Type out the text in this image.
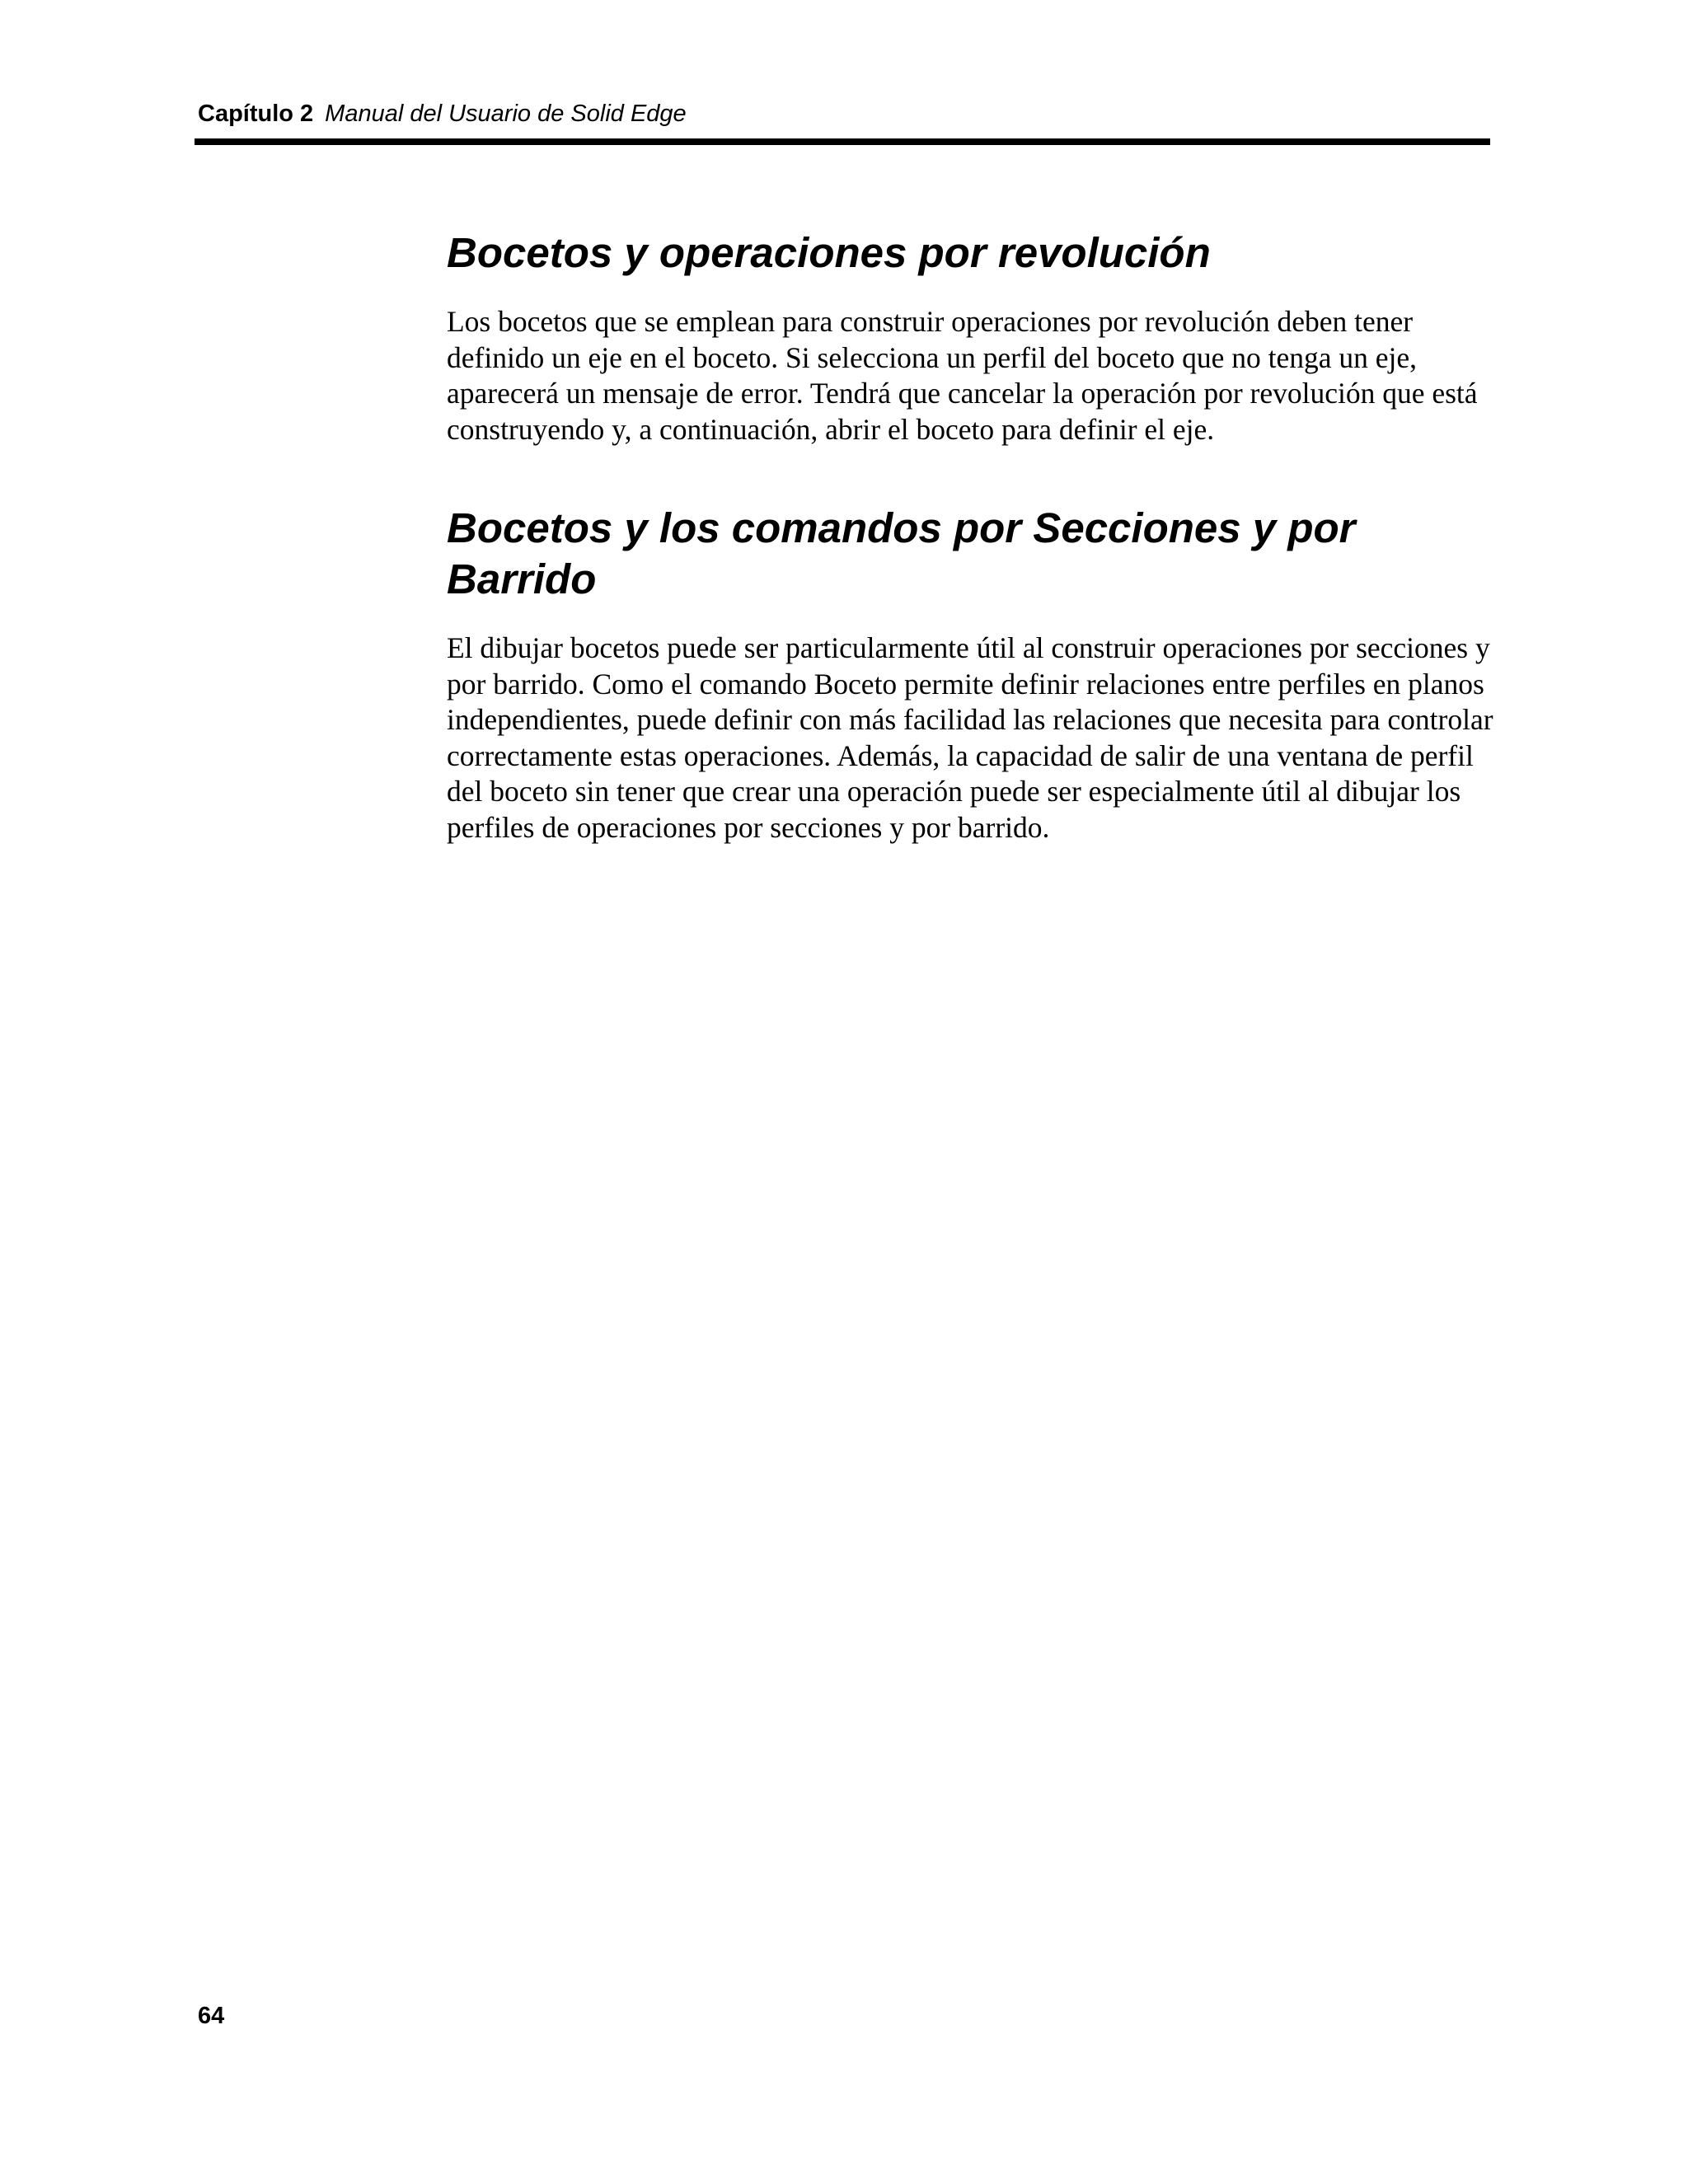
Capítulo 2 Manual del Usuario de Solid Edge
Bocetos y operaciones por revolución

Los bocetos que se emplean para construir operaciones por revolución deben tener definido un eje en el boceto. Si selecciona un perfil del boceto que no tenga un eje, aparecerá un mensaje de error. Tendrá que cancelar la operación por revolución que está construyendo y, a continuación, abrir el boceto para definir el eje.

Bocetos y los comandos por Secciones y por Barrido

El dibujar bocetos puede ser particularmente útil al construir operaciones por secciones y por barrido. Como el comando Boceto permite definir relaciones entre perfiles en planos independientes, puede definir con más facilidad las relaciones que necesita para controlar correctamente estas operaciones. Además, la capacidad de salir de una ventana de perfil del boceto sin tener que crear una operación puede ser especialmente útil al dibujar los perfiles de operaciones por secciones y por barrido.

64
